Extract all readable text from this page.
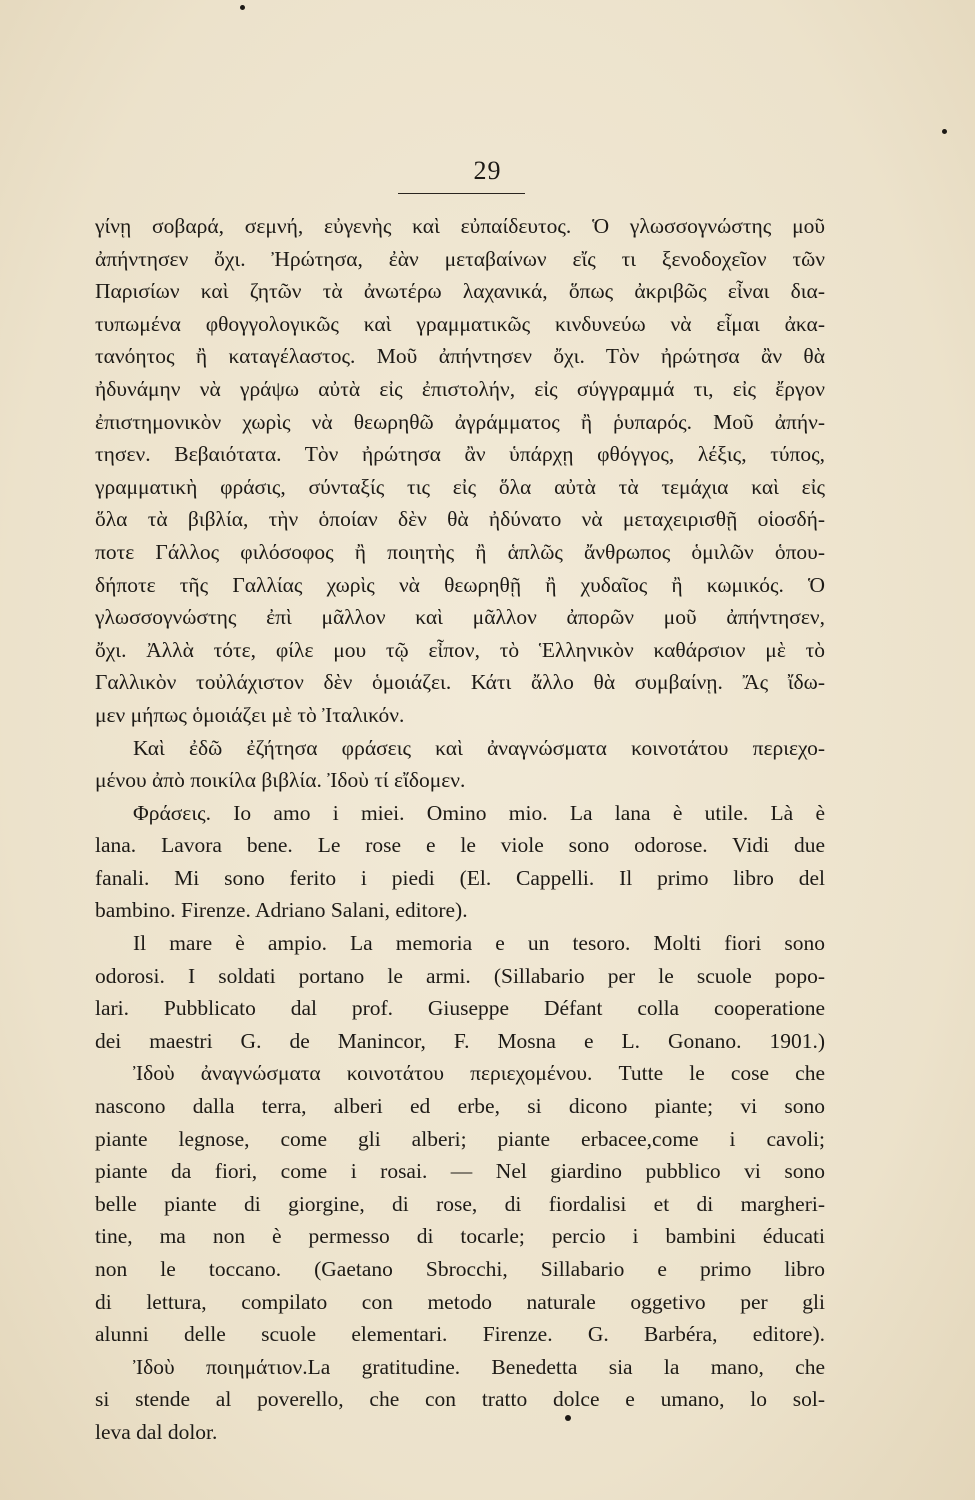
29
γίνῃ σοβαρά, σεμνή, εὐγενὴς καὶ εὐπαίδευτος. Ὁ γλωσσογνώστης μοῦ
ἀπήντησεν ὄχι. Ἠρώτησα, ἐὰν μεταβαίνων εἴς τι ξενοδοχεῖον τῶν
Παρισίων καὶ ζητῶν τὰ ἀνωτέρω λαχανικά, ὅπως ἀκριβῶς εἶναι δια-
τυπωμένα φθογγολογικῶς καὶ γραμματικῶς κινδυνεύω νὰ εἶμαι ἀκα-
τανόητος ἢ καταγέλαστος. Μοῦ ἀπήντησεν ὄχι. Τὸν ἠρώτησα ἂν θὰ
ἠδυνάμην νὰ γράψω αὐτὰ εἰς ἐπιστολήν, εἰς σύγγραμμά τι, εἰς ἔργον
ἐπιστημονικὸν χωρὶς νὰ θεωρηθῶ ἀγράμματος ἢ ῥυπαρός. Μοῦ ἀπήν-
τησεν. Βεβαιότατα. Τὸν ἠρώτησα ἂν ὑπάρχῃ φθόγγος, λέξις, τύπος,
γραμματικὴ φράσις, σύνταξίς τις εἰς ὅλα αὐτὰ τὰ τεμάχια καὶ εἰς
ὅλα τὰ βιβλία, τὴν ὁποίαν δὲν θὰ ἠδύνατο νὰ μεταχειρισθῇ οἱοσδή-
ποτε Γάλλος φιλόσοφος ἢ ποιητὴς ἢ ἁπλῶς ἄνθρωπος ὁμιλῶν ὁπου-
δήποτε τῆς Γαλλίας χωρὶς νὰ θεωρηθῇ ἢ χυδαῖος ἢ κωμικός. Ὁ
γλωσσογνώστης ἐπὶ μᾶλλον καὶ μᾶλλον ἀπορῶν μοῦ ἀπήντησεν,
ὄχι. Ἀλλὰ τότε, φίλε μου τῷ εἶπον, τὸ Ἑλληνικὸν καθάρσιον μὲ τὸ
Γαλλικὸν τοὐλάχιστον δὲν ὁμοιάζει. Κάτι ἄλλο θὰ συμβαίνῃ. Ἄς ἴδω-
μεν μήπως ὁμοιάζει μὲ τὸ Ἰταλικόν.
Καὶ ἐδῶ ἐζήτησα φράσεις καὶ ἀναγνώσματα κοινοτάτου περιεχο-
μένου ἀπὸ ποικίλα βιβλία. Ἰδοὺ τί εἴδομεν.
Φράσεις. Io amo i miei. Omino mio. La lana è utile. Là è
lana. Lavora bene. Le rose e le viole sono odorose. Vidi due
fanali. Mi sono ferito i piedi (El. Cappelli. Il primo libro del
bambino. Firenze. Adriano Salani, editore).
Il mare è ampio. La memoria e un tesoro. Molti fiori sono
odorosi. I soldati portano le armi. (Sillabario per le scuole popo-
lari. Pubblicato dal prof. Giuseppe Défant colla cooperatione
dei maestri G. de Manincor, F. Mosna e L. Gonano. 1901.)
Ἰδοὺ ἀναγνώσματα κοινοτάτου περιεχομένου. Tutte le cose che
nascono dalla terra, alberi ed erbe, si dicono piante; vi sono
piante legnose, come gli alberi; piante erbacee,come i cavoli;
piante da fiori, come i rosai. — Nel giardino pubblico vi sono
belle piante di giorgine, di rose, di fiordalisi et di margheri-
tine, ma non è permesso di tocarle; percio i bambini éducati
non le toccano. (Gaetano Sbrocchi, Sillabario e primo libro
di lettura, compilato con metodo naturale oggetivo per gli
alunni delle scuole elementari. Firenze. G. Barbéra, editore).
Ἰδοὺ ποιημάτιον.La gratitudine. Benedetta sia la mano, che
si stende al poverello, che con tratto dolce e umano, lo sol-
leva dal dolor.
